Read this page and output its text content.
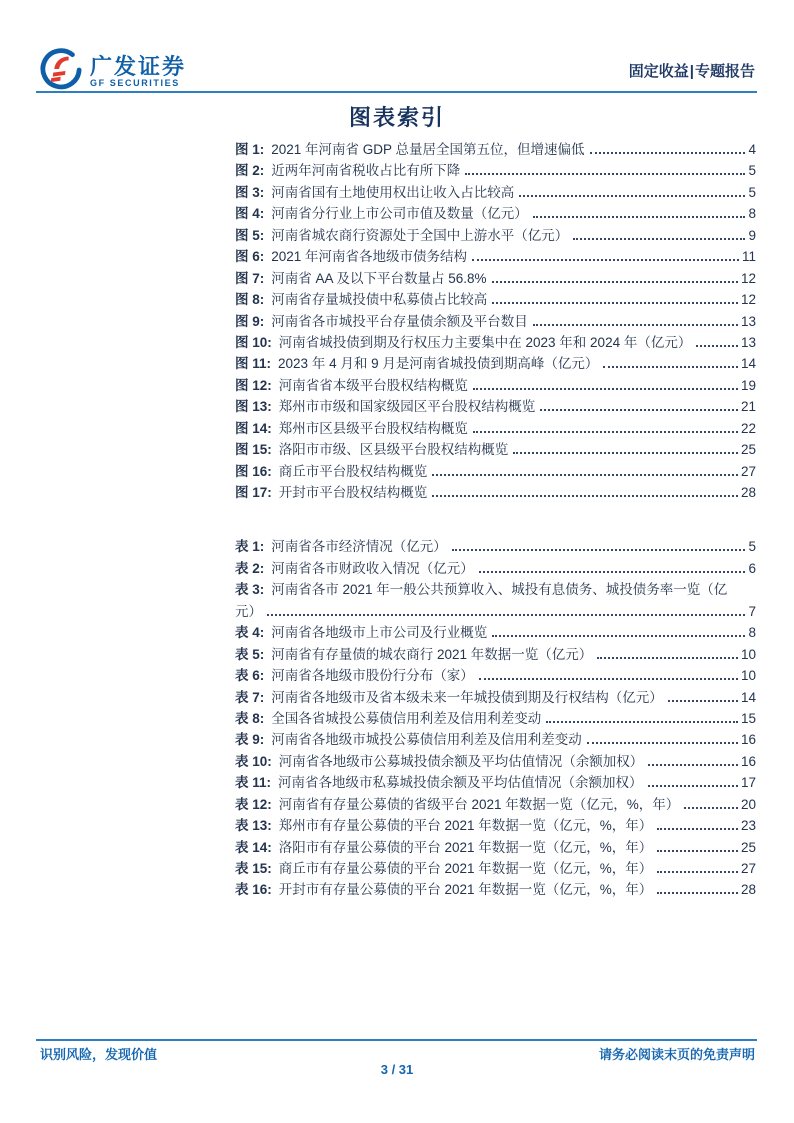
广发证券
GF SECURITIES
固定收益|专题报告
图表索引
图 1: 2021 年河南省 GDP 总量居全国第五位，但增速偏低	4
图 2: 近两年河南省税收占比有所下降	5
图 3: 河南省国有土地使用权出让收入占比较高	5
图 4: 河南省分行业上市公司市值及数量（亿元）	8
图 5: 河南省城农商行资源处于全国中上游水平（亿元）	9
图 6: 2021 年河南省各地级市债务结构	11
图 7: 河南省 AA 及以下平台数量占 56.8%	12
图 8: 河南省存量城投债中私募债占比较高	12
图 9: 河南省各市城投平台存量债余额及平台数目	13
图 10: 河南省城投债到期及行权压力主要集中在 2023 年和 2024 年（亿元）	13
图 11: 2023 年 4 月和 9 月是河南省城投债到期高峰（亿元）	14
图 12: 河南省省本级平台股权结构概览	19
图 13: 郑州市市级和国家级园区平台股权结构概览	21
图 14: 郑州市区县级平台股权结构概览	22
图 15: 洛阳市市级、区县级平台股权结构概览	25
图 16: 商丘市平台股权结构概览	27
图 17: 开封市平台股权结构概览	28
表 1: 河南省各市经济情况（亿元）	5
表 2: 河南省各市财政收入情况（亿元）	6
表 3: 河南省各市 2021 年一般公共预算收入、城投有息债务、城投债务率一览（亿
元）	7
表 4: 河南省各地级市上市公司及行业概览	8
表 5: 河南省有存量债的城农商行 2021 年数据一览（亿元）	10
表 6: 河南省各地级市股份行分布（家）	10
表 7: 河南省各地级市及省本级未来一年城投债到期及行权结构（亿元）	14
表 8: 全国各省城投公募债信用利差及信用利差变动	15
表 9: 河南省各地级市城投公募债信用利差及信用利差变动	16
表 10: 河南省各地级市公募城投债余额及平均估值情况（余额加权）	16
表 11: 河南省各地级市私募城投债余额及平均估值情况（余额加权）	17
表 12: 河南省有存量公募债的省级平台 2021 年数据一览（亿元，%，年）	20
表 13: 郑州市有存量公募债的平台 2021 年数据一览（亿元，%，年）	23
表 14: 洛阳市有存量公募债的平台 2021 年数据一览（亿元，%，年）	25
表 15: 商丘市有存量公募债的平台 2021 年数据一览（亿元，%，年）	27
表 16: 开封市有存量公募债的平台 2021 年数据一览（亿元，%，年）	28
识别风险，发现价值	请务必阅读末页的免责声明
3 / 31
